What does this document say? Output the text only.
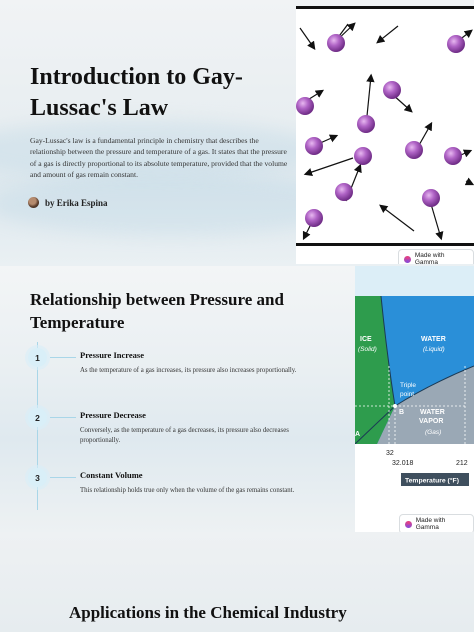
Introduction to Gay-Lussac's Law

Gay-Lussac's law is a fundamental principle in chemistry that describes the relationship between the pressure and temperature of a gas. It states that the pressure of a gas is directly proportional to its absolute temperature, provided that the volume and amount of gas remain constant.

by Erika Espina
Made with Gamma
Relationship between Pressure and Temperature
1	Pressure Increase
As the temperature of a gas increases, its pressure also increases proportionally.
2	Pressure Decrease
Conversely, as the temperature of a gas decreases, its pressure also decreases proportionally.
3	Constant Volume
This relationship holds true only when the volume of the gas remains constant.
ICE
(Solid)
WATER
(Liquid)
Triple point
B
A
WATER VAPOR
(Gas)
32
32.018	212
Temperature (°F)
Made with Gamma
Applications in the Chemical Industry
